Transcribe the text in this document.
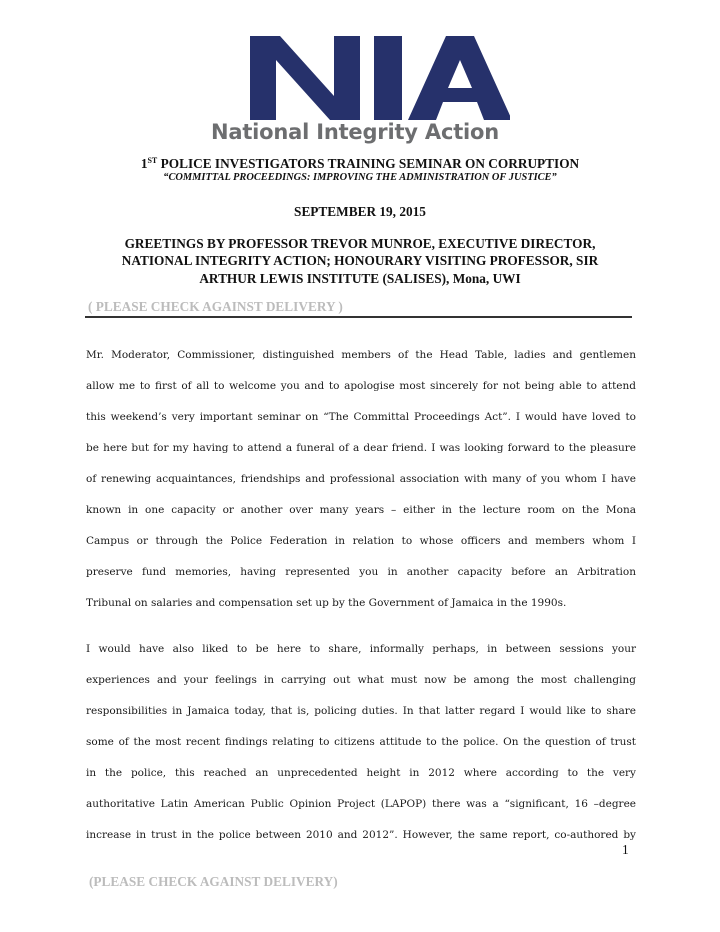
National Integrity Action
1ST POLICE INVESTIGATORS TRAINING SEMINAR ON CORRUPTION
“COMMITTAL PROCEEDINGS: IMPROVING THE ADMINISTRATION OF JUSTICE”
SEPTEMBER 19, 2015
GREETINGS BY PROFESSOR TREVOR MUNROE, EXECUTIVE DIRECTOR,
NATIONAL INTEGRITY ACTION; HONOURARY VISITING PROFESSOR, SIR
ARTHUR LEWIS INSTITUTE (SALISES), Mona, UWI
( PLEASE CHECK AGAINST DELIVERY )

Mr. Moderator, Commissioner, distinguished members of the Head Table, ladies and gentlemen
allow me to first of all to welcome you and to apologise most sincerely for not being able to attend
this weekend’s very important seminar on “The Committal Proceedings Act”. I would have loved to
be here but for my having to attend a funeral of a dear friend. I was looking forward to the pleasure
of renewing acquaintances, friendships and professional association with many of you whom I have
known in one capacity or another over many years – either in the lecture room on the Mona
Campus or through the Police Federation in relation to whose officers and members whom I
preserve fund memories, having represented you in another capacity before an Arbitration
Tribunal on salaries and compensation set up by the Government of Jamaica in the 1990s.

I would have also liked to be here to share, informally perhaps, in between sessions your
experiences and your feelings in carrying out what must now be among the most challenging
responsibilities in Jamaica today, that is, policing duties. In that latter regard I would like to share
some of the most recent findings relating to citizens attitude to the police. On the question of trust
in the police, this reached an unprecedented height in 2012 where according to the very
authoritative Latin American Public Opinion Project (LAPOP) there was a “significant, 16 –degree
increase in trust in the police between 2010 and 2012”. However, the same report, co-authored by

1
(PLEASE CHECK AGAINST DELIVERY)
